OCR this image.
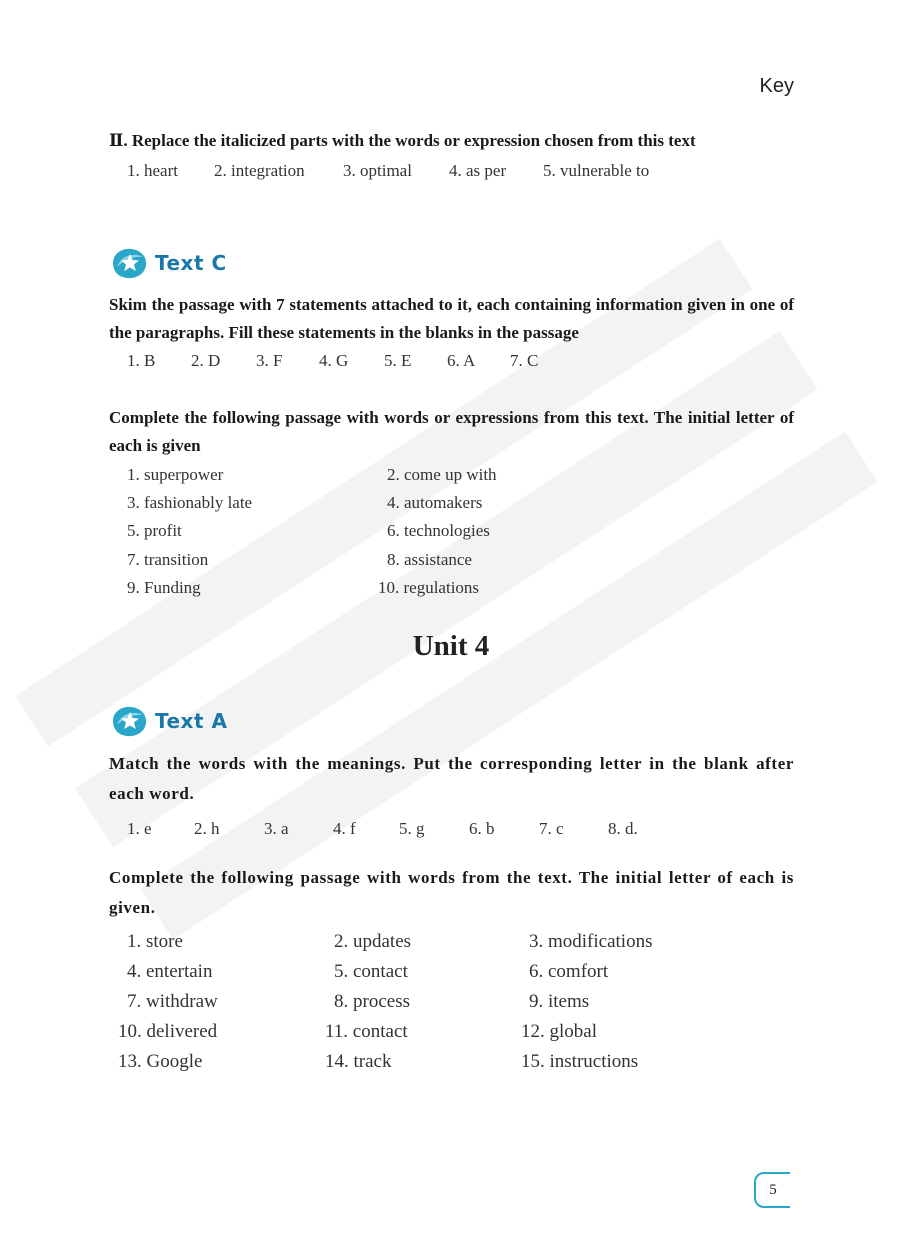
Key
Ⅱ. Replace the italicized parts with the words or expression chosen from this text
1. heart 2. integration 3. optimal 4. as per 5. vulnerable to
Text C
Skim the passage with 7 statements attached to it, each containing information given in one of the paragraphs. Fill these statements in the blanks in the passage
1. B 2. D 3. F 4. G 5. E 6. A 7. C
Complete the following passage with words or expressions from this text. The initial letter of each is given
1. superpower	2. come up with
3. fashionably late	4. automakers
5. profit	6. technologies
7. transition	8. assistance
9. Funding	10. regulations
Unit 4
Text A
Match the words with the meanings. Put the corresponding letter in the blank after each word.
1. e 2. h	3. a	4. f	5. g	6. b	7. c	8. d.
Complete the following passage with words from the text. The initial letter of each is given.
1. store	2. updates	3. modifications
4. entertain	5. contact	6. comfort
7. withdraw	8. process	9. items
10. delivered	11. contact	12. global
13. Google	14. track	15. instructions
5
